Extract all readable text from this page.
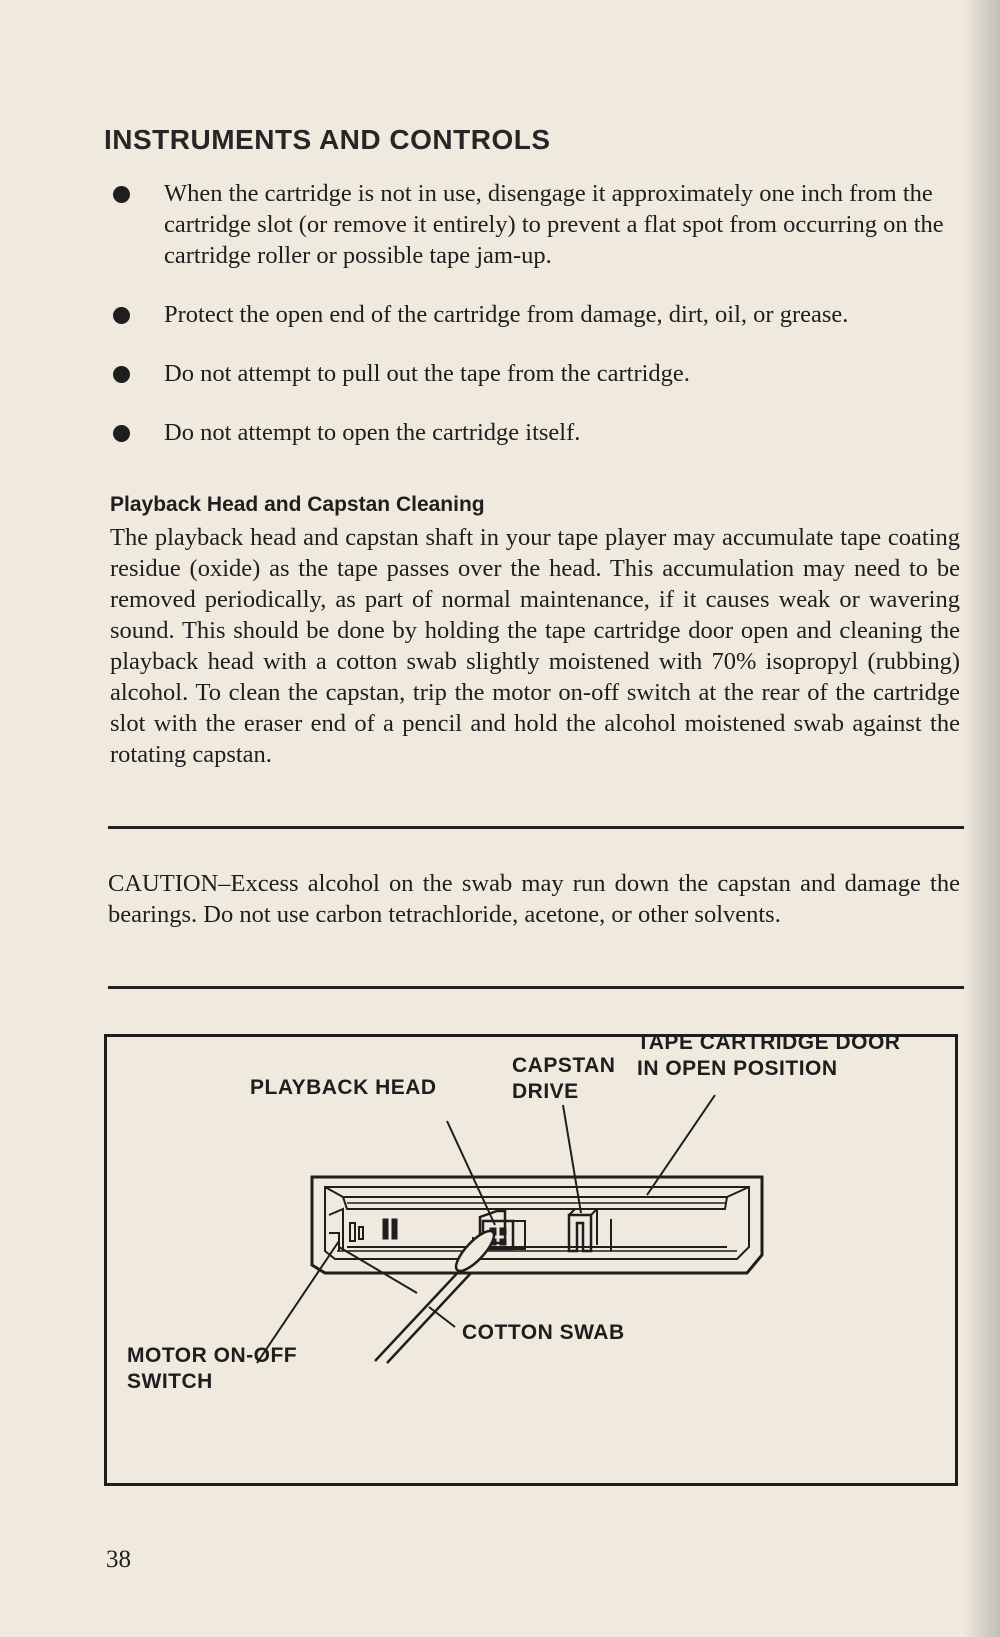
INSTRUMENTS AND CONTROLS
When the cartridge is not in use, disengage it approximately one inch from the cartridge slot (or remove it entirely) to prevent a flat spot from occurring on the cartridge roller or possible tape jam-up.
Protect the open end of the cartridge from damage, dirt, oil, or grease.
Do not attempt to pull out the tape from the cartridge.
Do not attempt to open the cartridge itself.
Playback Head and Capstan Cleaning
The playback head and capstan shaft in your tape player may accumulate tape coating residue (oxide) as the tape passes over the head. This accumulation may need to be removed periodically, as part of normal maintenance, if it causes weak or wavering sound. This should be done by holding the tape cartridge door open and cleaning the playback head with a cotton swab slightly moistened with 70% isopropyl (rubbing) alcohol. To clean the capstan, trip the motor on-off switch at the rear of the cartridge slot with the eraser end of a pencil and hold the alcohol moistened swab against the rotating capstan.
CAUTION–Excess alcohol on the swab may run down the capstan and damage the bearings. Do not use carbon tetrachloride, acetone, or other solvents.
TAPE CARTRIDGE DOOR
IN OPEN POSITION
CAPSTAN
DRIVE
PLAYBACK HEAD
COTTON SWAB
MOTOR ON-OFF
SWITCH
38
